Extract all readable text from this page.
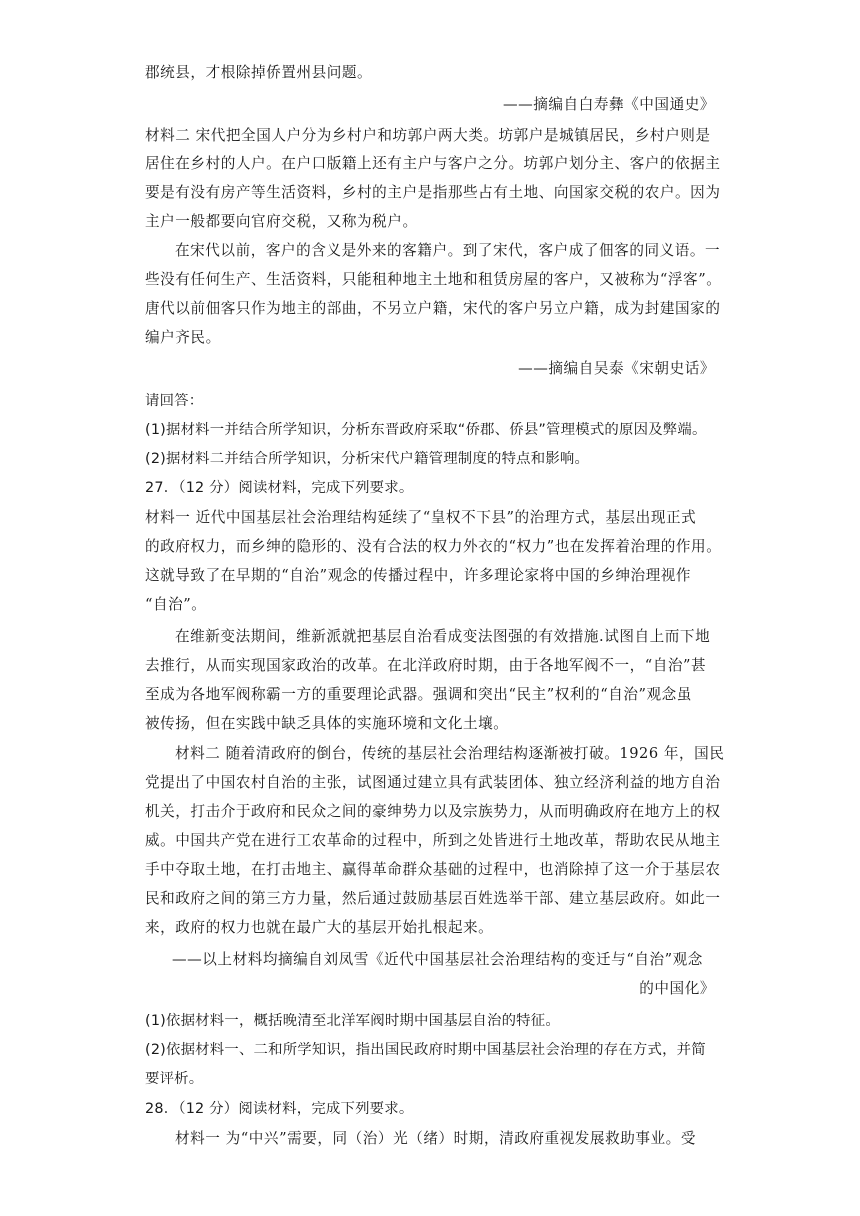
郡统县，才根除掉侨置州县问题。
——摘编自白寿彝《中国通史》
材料二 宋代把全国人户分为乡村户和坊郭户两大类。坊郭户是城镇居民，乡村户则是
居住在乡村的人户。在户口版籍上还有主户与客户之分。坊郭户划分主、客户的依据主
要是有没有房产等生活资料，乡村的主户是指那些占有土地、向国家交税的农户。因为
主户一般都要向官府交税，又称为税户。
在宋代以前，客户的含义是外来的客籍户。到了宋代，客户成了佃客的同义语。一
些没有任何生产、生活资料，只能租种地主土地和租赁房屋的客户，又被称为“浮客”。
唐代以前佃客只作为地主的部曲，不另立户籍，宋代的客户另立户籍，成为封建国家的
编户齐民。
——摘编自吴泰《宋朝史话》
请回答：
(1)据材料一并结合所学知识，分析东晋政府采取“侨郡、侨县”管理模式的原因及弊端。
(2)据材料二并结合所学知识，分析宋代户籍管理制度的特点和影响。
27．（12 分）阅读材料，完成下列要求。
材料一 近代中国基层社会治理结构延续了“皇权不下县”的治理方式，基层出现正式
的政府权力，而乡绅的隐形的、没有合法的权力外衣的“权力”也在发挥着治理的作用。
这就导致了在早期的“自治”观念的传播过程中，许多理论家将中国的乡绅治理视作
“自治”。
在维新变法期间，维新派就把基层自治看成变法图强的有效措施.试图自上而下地
去推行，从而实现国家政治的改革。在北洋政府时期，由于各地军阀不一，“自治”甚
至成为各地军阀称霸一方的重要理论武器。强调和突出“民主”权利的“自治”观念虽
被传扬，但在实践中缺乏具体的实施环境和文化土壤。
材料二 随着清政府的倒台，传统的基层社会治理结构逐渐被打破。1926 年，国民
党提出了中国农村自治的主张，试图通过建立具有武装团体、独立经济利益的地方自治
机关，打击介于政府和民众之间的豪绅势力以及宗族势力，从而明确政府在地方上的权
威。中国共产党在进行工农革命的过程中，所到之处皆进行土地改革，帮助农民从地主
手中夺取土地，在打击地主、赢得革命群众基础的过程中，也消除掉了这一介于基层农
民和政府之间的第三方力量，然后通过鼓励基层百姓选举干部、建立基层政府。如此一
来，政府的权力也就在最广大的基层开始扎根起来。
——以上材料均摘编自刘凤雪《近代中国基层社会治理结构的变迁与“自治”观念
的中国化》
(1)依据材料一，概括晚清至北洋军阀时期中国基层自治的特征。
(2)依据材料一、二和所学知识，指出国民政府时期中国基层社会治理的存在方式，并简
要评析。
28．（12 分）阅读材料，完成下列要求。
材料一 为“中兴”需要，同（治）光（绪）时期，清政府重视发展救助事业。受
